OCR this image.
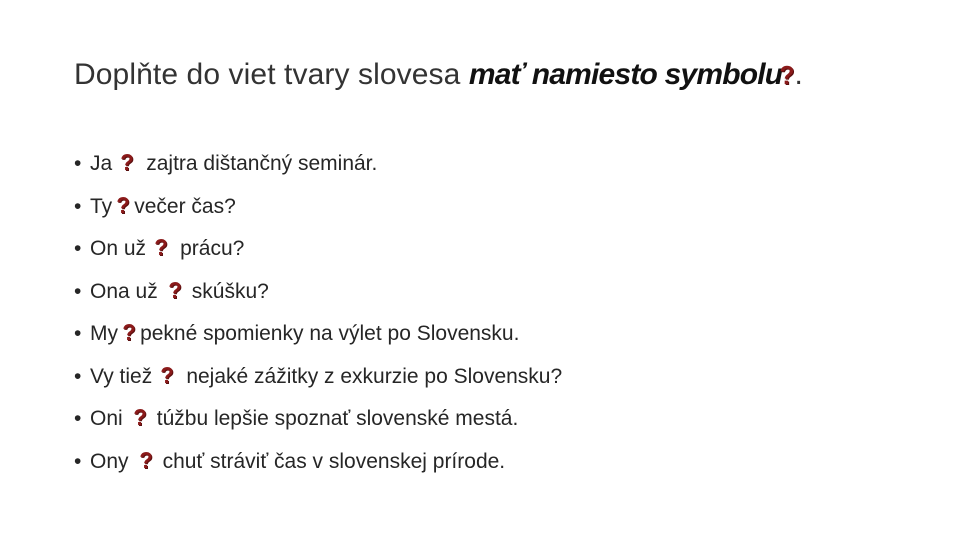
Doplňte do viet tvary slovesa mať namiesto symbolu?.
• Ja ? zajtra dištančný seminár.
• Ty ? večer čas?
• On už ? prácu?
• Ona už ? skúšku?
• My ? pekné spomienky na výlet po Slovensku.
• Vy tiež ? nejaké zážitky z exkurzie po Slovensku?
• Oni ? túžbu lepšie spoznať slovenské mestá.
• Ony ? chuť stráviť čas v slovenskej prírode.
